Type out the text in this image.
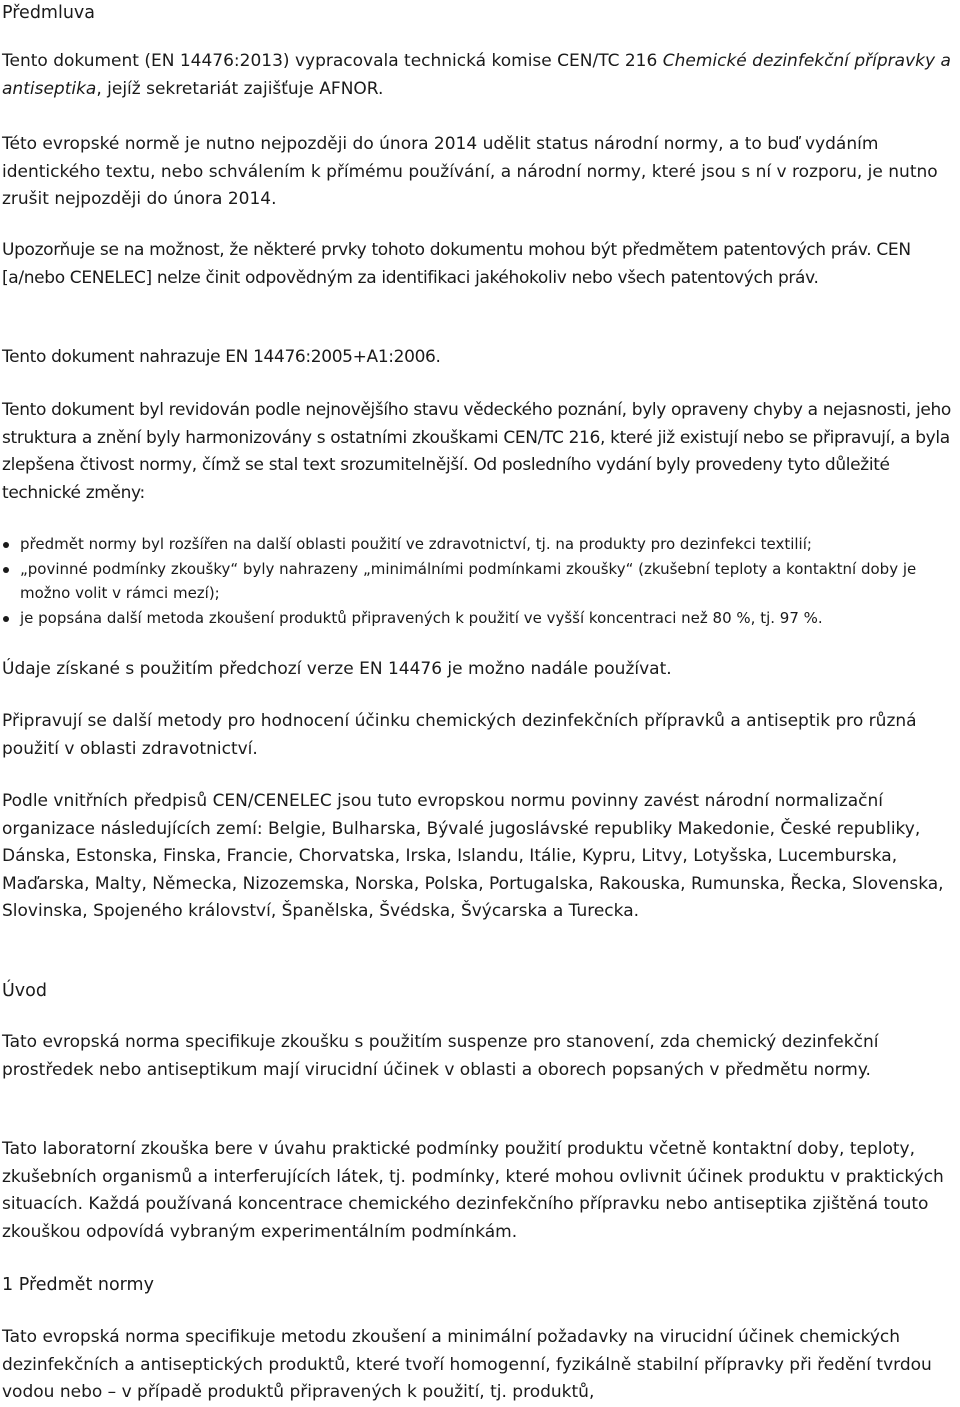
Předmluva

Tento dokument (EN 14476:2013) vypracovala technická komise CEN/TC 216 Chemické dezinfekční přípravky a antiseptika, jejíž sekretariát zajišťuje AFNOR.

Této evropské normě je nutno nejpozději do února 2014 udělit status národní normy, a to buď vydáním identického textu, nebo schválením k přímému používání, a národní normy, které jsou s ní v rozporu, je nutno zrušit nejpozději do února 2014.

Upozorňuje se na možnost, že některé prvky tohoto dokumentu mohou být předmětem patentových práv. CEN [a/nebo CENELEC] nelze činit odpovědným za identifikaci jakéhokoliv nebo všech patentových práv.

Tento dokument nahrazuje EN 14476:2005+A1:2006.

Tento dokument byl revidován podle nejnovějšího stavu vědeckého poznání, byly opraveny chyby a nejasnosti, jeho struktura a znění byly harmonizovány s ostatními zkouškami CEN/TC 216, které již existují nebo se připravují, a byla zlepšena čtivost normy, čímž se stal text srozumitelnější. Od posledního vydání byly provedeny tyto důležité technické změny:

předmět normy byl rozšířen na další oblasti použití ve zdravotnictví, tj. na produkty pro dezinfekci textilií;
„povinné podmínky zkoušky“ byly nahrazeny „minimálními podmínkami zkoušky“ (zkušební teploty a kontaktní doby je možno volit v rámci mezí);
je popsána další metoda zkoušení produktů připravených k použití ve vyšší koncentraci než 80 %, tj. 97 %.

Údaje získané s použitím předchozí verze EN 14476 je možno nadále používat.

Připravují se další metody pro hodnocení účinku chemických dezinfekčních přípravků a antiseptik pro různá použití v oblasti zdravotnictví.

Podle vnitřních předpisů CEN/CENELEC jsou tuto evropskou normu povinny zavést národní normalizační organizace následujících zemí: Belgie, Bulharska, Bývalé jugoslávské republiky Makedonie, České republiky, Dánska, Estonska, Finska, Francie, Chorvatska, Irska, Islandu, Itálie, Kypru, Litvy, Lotyšska, Lucemburska, Maďarska, Malty, Německa, Nizozemska, Norska, Polska, Portugalska, Rakouska, Rumunska, Řecka, Slovenska, Slovinska, Spojeného království, Španělska, Švédska, Švýcarska a Turecka.

Úvod

Tato evropská norma specifikuje zkoušku s použitím suspenze pro stanovení, zda chemický dezinfekční prostředek nebo antiseptikum mají virucidní účinek v oblasti a oborech popsaných v předmětu normy.

Tato laboratorní zkouška bere v úvahu praktické podmínky použití produktu včetně kontaktní doby, teploty, zkušebních organismů a interferujících látek, tj. podmínky, které mohou ovlivnit účinek produktu v praktických situacích. Každá používaná koncentrace chemického dezinfekčního přípravku nebo antiseptika zjištěná touto zkouškou odpovídá vybraným experimentálním podmínkám.

1 Předmět normy

Tato evropská norma specifikuje metodu zkoušení a minimální požadavky na virucidní účinek chemických dezinfekčních a antiseptických produktů, které tvoří homogenní, fyzikálně stabilní přípravky při ředění tvrdou vodou nebo – v případě produktů připravených k použití, tj. produktů,
